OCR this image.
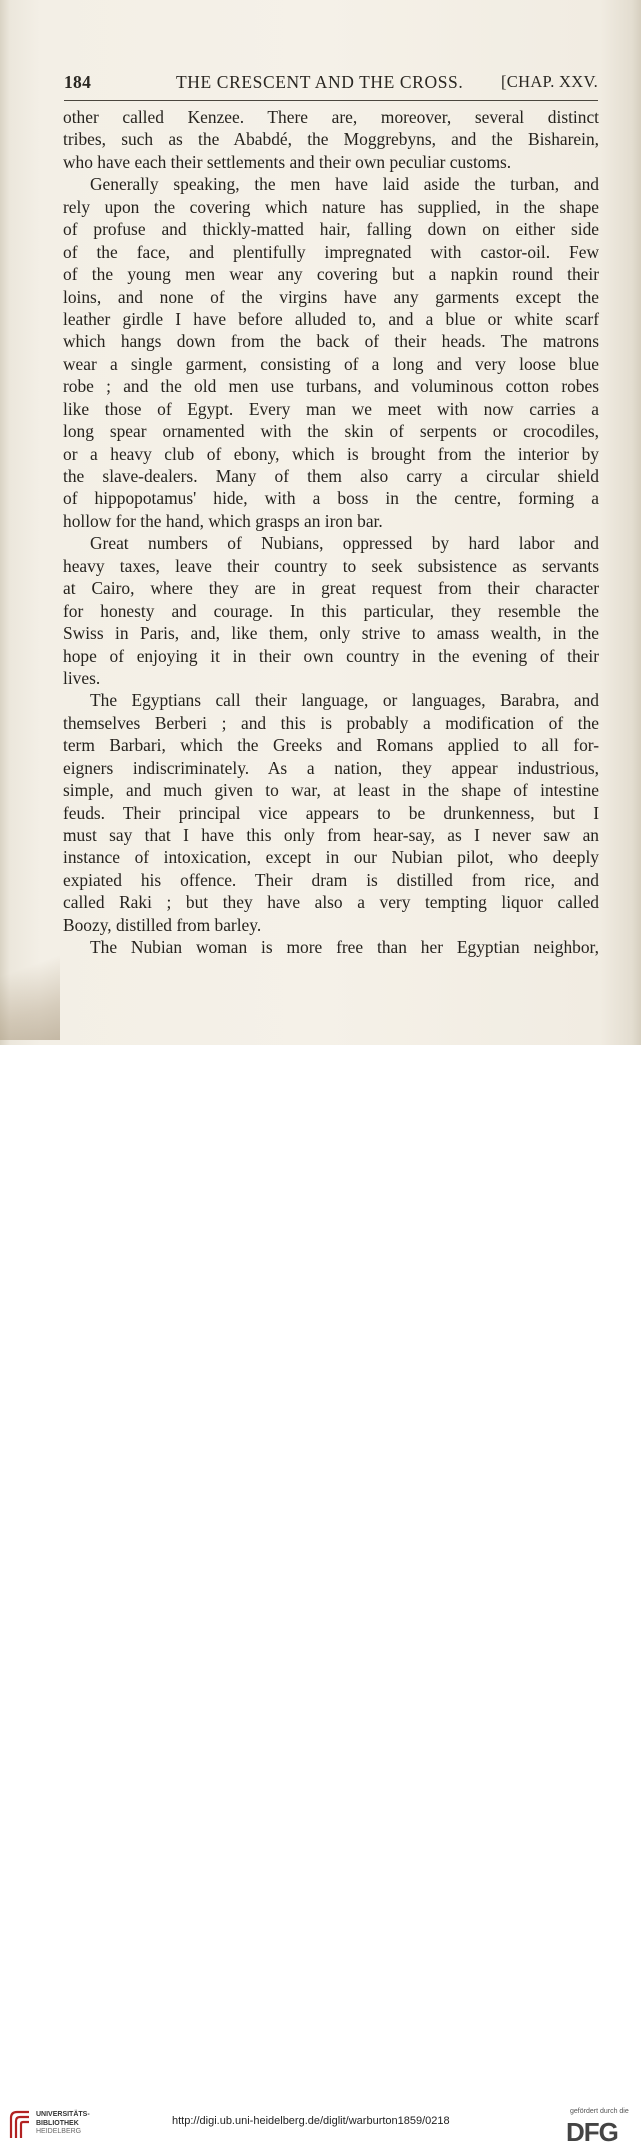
184	THE CRESCENT AND THE CROSS. [CHAP. XXV.
other called Kenzee. There are, moreover, several distinct
tribes, such as the Ababdé, the Moggrebyns, and the Bisharein,
who have each their settlements and their own peculiar customs.
Generally speaking, the men have laid aside the turban, and
rely upon the covering which nature has supplied, in the shape
of profuse and thickly-matted hair, falling down on either side
of the face, and plentifully impregnated with castor-oil. Few
of the young men wear any covering but a napkin round their
loins, and none of the virgins have any garments except the
leather girdle I have before alluded to, and a blue or white scarf
which hangs down from the back of their heads. The matrons
wear a single garment, consisting of a long and very loose blue
robe ; and the old men use turbans, and voluminous cotton robes
like those of Egypt. Every man we meet with now carries a
long spear ornamented with the skin of serpents or crocodiles,
or a heavy club of ebony, which is brought from the interior by
the slave-dealers. Many of them also carry a circular shield
of hippopotamus' hide, with a boss in the centre, forming a
hollow for the hand, which grasps an iron bar.
Great numbers of Nubians, oppressed by hard labor and
heavy taxes, leave their country to seek subsistence as servants
at Cairo, where they are in great request from their character
for honesty and courage. In this particular, they resemble the
Swiss in Paris, and, like them, only strive to amass wealth, in the
hope of enjoying it in their own country in the evening of their
lives.
The Egyptians call their language, or languages, Barabra, and
themselves Berberi ; and this is probably a modification of the
term Barbari, which the Greeks and Romans applied to all for-
eigners indiscriminately. As a nation, they appear industrious,
simple, and much given to war, at least in the shape of intestine
feuds. Their principal vice appears to be drunkenness, but I
must say that I have this only from hear-say, as I never saw an
instance of intoxication, except in our Nubian pilot, who deeply
expiated his offence. Their dram is distilled from rice, and
called Raki ; but they have also a very tempting liquor called
Boozy, distilled from barley.
The Nubian woman is more free than her Egyptian neighbor,
UNIVERSITÄTS-
BIBLIOTHEK
HEIDELBERG
http://digi.ub.uni-heidelberg.de/diglit/warburton1859/0218
gefördert durch die
DFG
